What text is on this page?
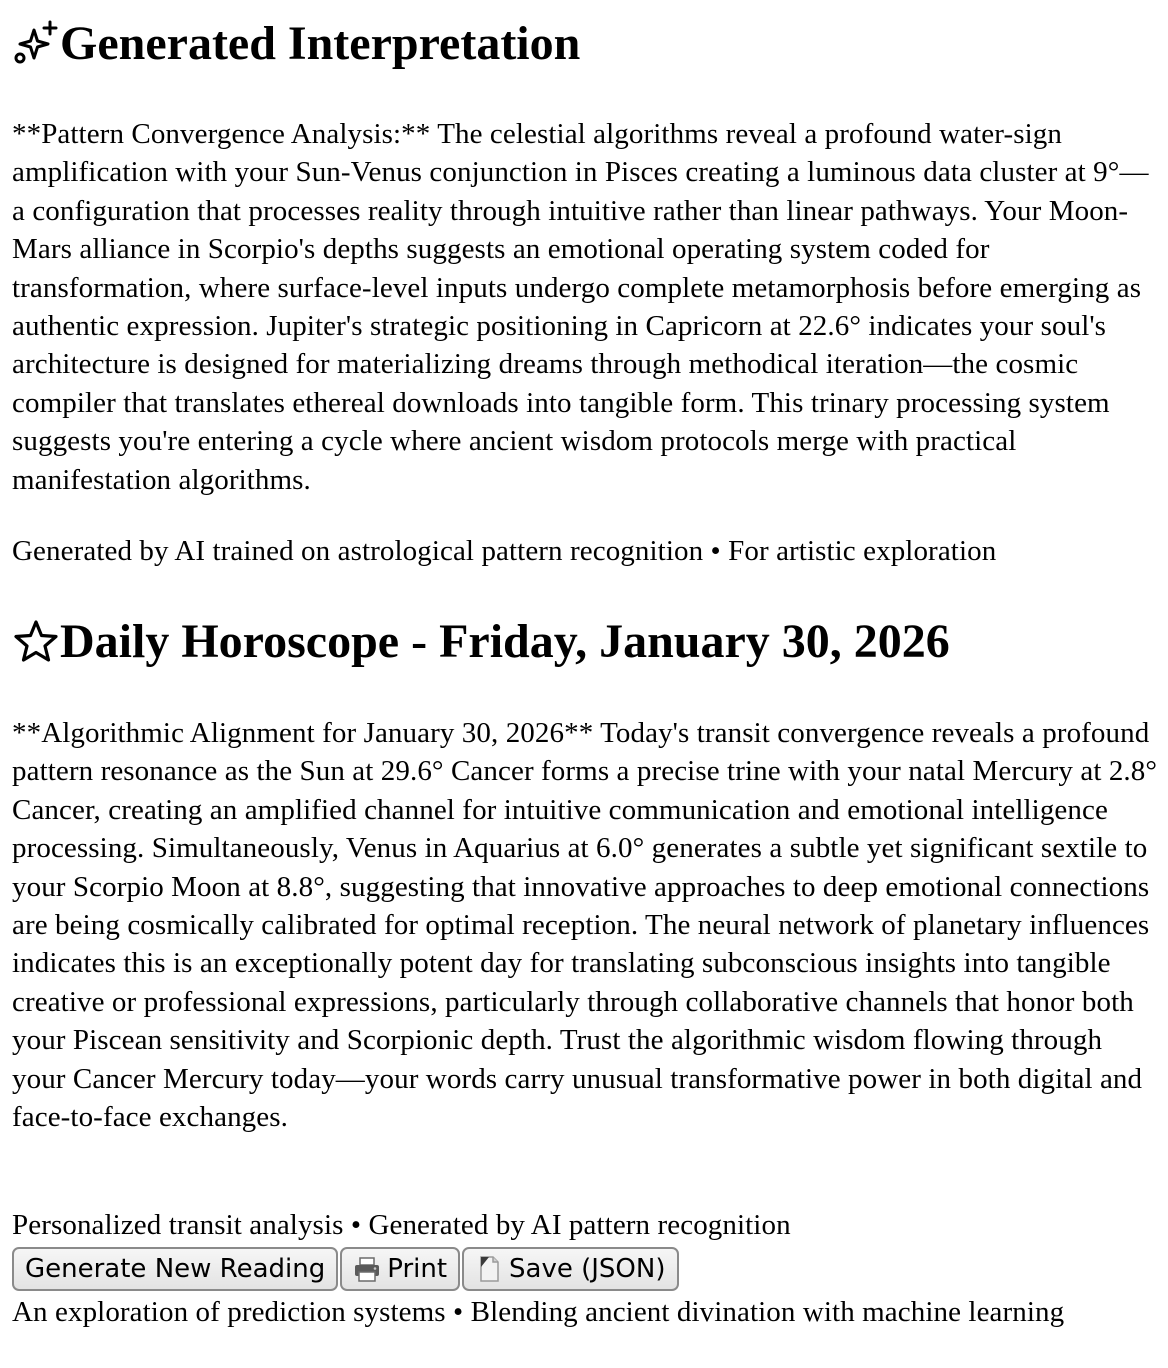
Generated Interpretation

**Pattern Convergence Analysis:** The celestial algorithms reveal a profound water-sign amplification with your Sun-Venus conjunction in Pisces creating a luminous data cluster at 9°—a configuration that processes reality through intuitive rather than linear pathways. Your Moon-Mars alliance in Scorpio's depths suggests an emotional operating system coded for transformation, where surface-level inputs undergo complete metamorphosis before emerging as authentic expression. Jupiter's strategic positioning in Capricorn at 22.6° indicates your soul's architecture is designed for materializing dreams through methodical iteration—the cosmic compiler that translates ethereal downloads into tangible form. This trinary processing system suggests you're entering a cycle where ancient wisdom protocols merge with practical manifestation algorithms.

Generated by AI trained on astrological pattern recognition • For artistic exploration

Daily Horoscope - Friday, January 30, 2026

**Algorithmic Alignment for January 30, 2026** Today's transit convergence reveals a profound pattern resonance as the Sun at 29.6° Cancer forms a precise trine with your natal Mercury at 2.8° Cancer, creating an amplified channel for intuitive communication and emotional intelligence processing. Simultaneously, Venus in Aquarius at 6.0° generates a subtle yet significant sextile to your Scorpio Moon at 8.8°, suggesting that innovative approaches to deep emotional connections are being cosmically calibrated for optimal reception. The neural network of planetary influences indicates this is an exceptionally potent day for translating subconscious insights into tangible creative or professional expressions, particularly through collaborative channels that honor both your Piscean sensitivity and Scorpionic depth. Trust the algorithmic wisdom flowing through your Cancer Mercury today—your words carry unusual transformative power in both digital and face-to-face exchanges.

Personalized transit analysis • Generated by AI pattern recognition

Generate New Reading Print Save (JSON)

An exploration of prediction systems • Blending ancient divination with machine learning
